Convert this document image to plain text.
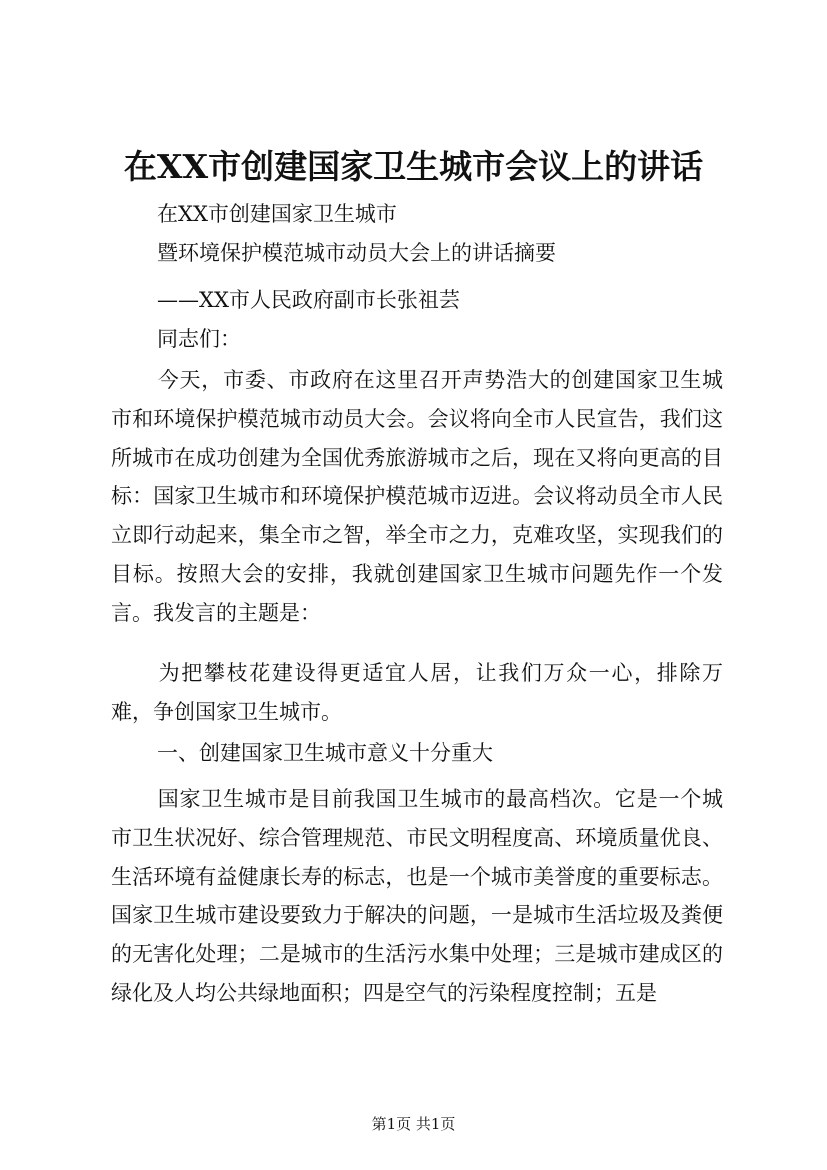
在XX市创建国家卫生城市会议上的讲话
在XX市创建国家卫生城市
暨环境保护模范城市动员大会上的讲话摘要
——XX市人民政府副市长张祖芸
同志们：
今天，市委、市政府在这里召开声势浩大的创建国家卫生城市和环境保护模范城市动员大会。会议将向全市人民宣告，我们这所城市在成功创建为全国优秀旅游城市之后，现在又将向更高的目标：国家卫生城市和环境保护模范城市迈进。会议将动员全市人民立即行动起来，集全市之智，举全市之力，克难攻坚，实现我们的目标。按照大会的安排，我就创建国家卫生城市问题先作一个发言。我发言的主题是：
为把攀枝花建设得更适宜人居，让我们万众一心，排除万难，争创国家卫生城市。
一、创建国家卫生城市意义十分重大
国家卫生城市是目前我国卫生城市的最高档次。它是一个城市卫生状况好、综合管理规范、市民文明程度高、环境质量优良、生活环境有益健康长寿的标志，也是一个城市美誉度的重要标志。国家卫生城市建设要致力于解决的问题，一是城市生活垃圾及粪便的无害化处理；二是城市的生活污水集中处理；三是城市建成区的绿化及人均公共绿地面积；四是空气的污染程度控制；五是
第1页 共1页
